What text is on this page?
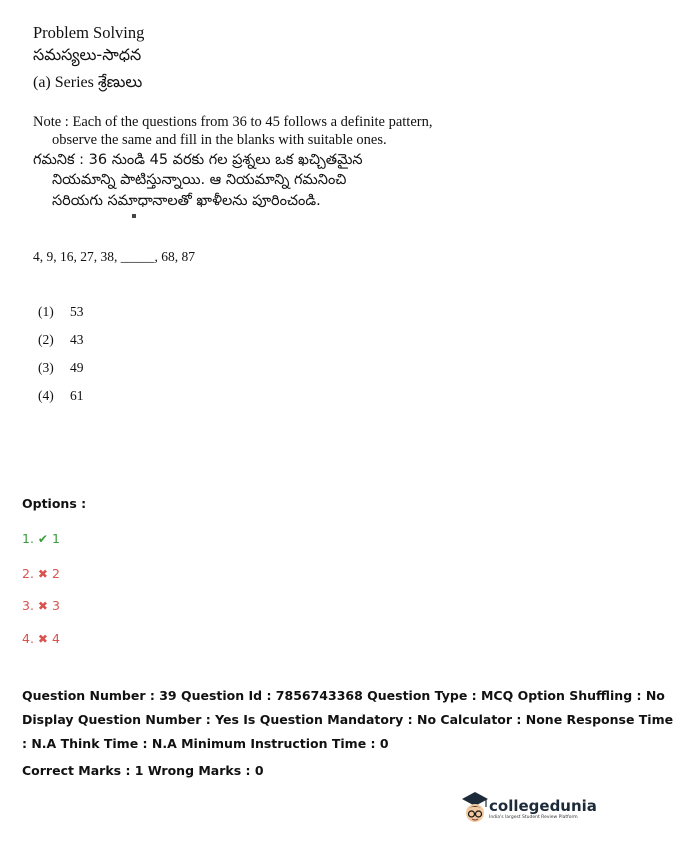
Problem Solving
సమస్యలు-సాధన
(a) Series శ్రేణులు
Note : Each of the questions from 36 to 45 follows a definite pattern,
observe the same and fill in the blanks with suitable ones.
గమనిక : 36 నుండి 45 వరకు గల ప్రశ్నలు ఒక ఖచ్చితమైన
నియమాన్ని పాటిస్తున్నాయి. ఆ నియమాన్ని గమనించి
సరియగు సమాధానాలతో ఖాళీలను పూరించండి.
4, 9, 16, 27, 38, _____, 68, 87
(1) 53
(2) 43
(3) 49
(4) 61
Options :
1. ✔ 1
2. ✖ 2
3. ✖ 3
4. ✖ 4
Question Number : 39 Question Id : 7856743368 Question Type : MCQ Option Shuffling : No
Display Question Number : Yes Is Question Mandatory : No Calculator : None Response Time
: N.A Think Time : N.A Minimum Instruction Time : 0
Correct Marks : 1 Wrong Marks : 0
collegedunia
India's largest Student Review Platform
